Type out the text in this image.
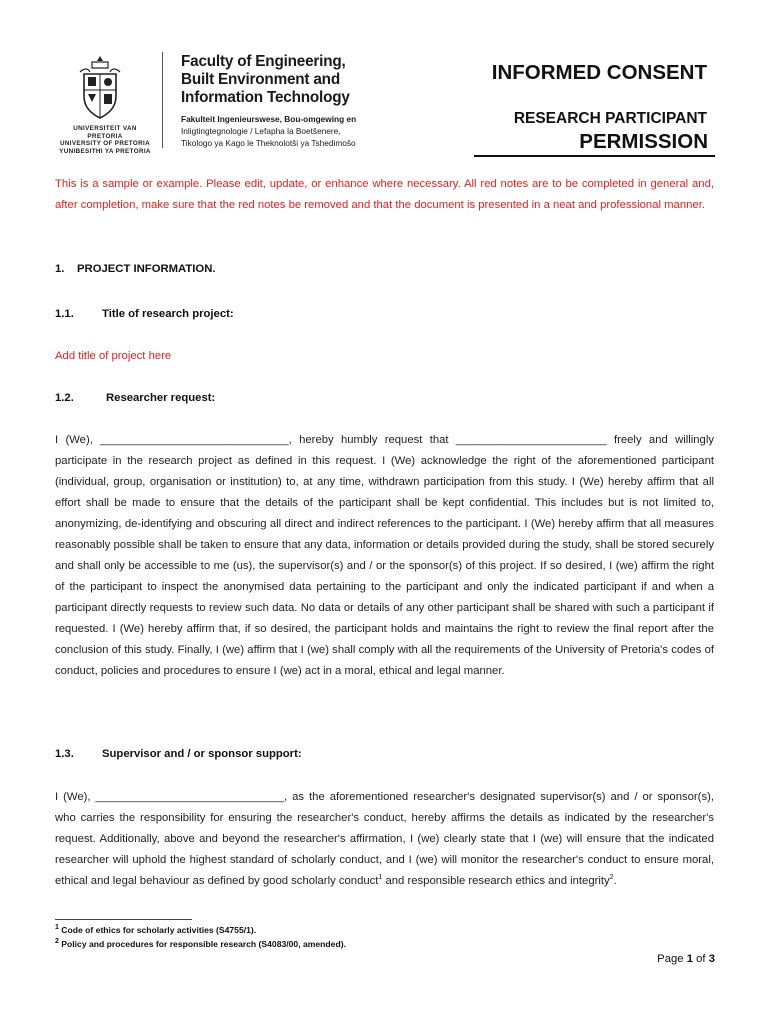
UNIVERSITEIT VAN PRETORIA
UNIVERSITY OF PRETORIA
YUNIBESITHI YA PRETORIA
Faculty of Engineering,
Built Environment and
Information Technology
Fakulteit Ingenieurswese, Bou-omgewing en
Inligtingtegnologie / Lefapha la Boetšenere,
Tikologo ya Kago le Theknolotši ya Tshedimošo
INFORMED CONSENT
RESEARCH PARTICIPANT
PERMISSION
This is a sample or example. Please edit, update, or enhance where necessary. All red notes are to be completed in general and, after completion, make sure that the red notes be removed and that the document is presented in a neat and professional manner.
1. PROJECT INFORMATION.
1.1. Title of research project:
Add title of project here
1.2.	Researcher request:
I (We), ______________________________, hereby humbly request that ________________________ freely and willingly participate in the research project as defined in this request. I (We) acknowledge the right of the aforementioned participant (individual, group, organisation or institution) to, at any time, withdrawn participation from this study. I (We) hereby affirm that all effort shall be made to ensure that the details of the participant shall be kept confidential. This includes but is not limited to, anonymizing, de-identifying and obscuring all direct and indirect references to the participant. I (We) hereby affirm that all measures reasonably possible shall be taken to ensure that any data, information or details provided during the study, shall be stored securely and shall only be accessible to me (us), the supervisor(s) and / or the sponsor(s) of this project. If so desired, I (we) affirm the right of the participant to inspect the anonymised data pertaining to the participant and only the indicated participant if and when a participant directly requests to review such data. No data or details of any other participant shall be shared with such a participant if requested. I (We) hereby affirm that, if so desired, the participant holds and maintains the right to review the final report after the conclusion of this study. Finally, I (we) affirm that I (we) shall comply with all the requirements of the University of Pretoria's codes of conduct, policies and procedures to ensure I (we) act in a moral, ethical and legal manner.
1.3. Supervisor and / or sponsor support:
I (We), ______________________________, as the aforementioned researcher's designated supervisor(s) and / or sponsor(s), who carries the responsibility for ensuring the researcher's conduct, hereby affirms the details as indicated by the researcher's request. Additionally, above and beyond the researcher's affirmation, I (we) clearly state that I (we) will ensure that the indicated researcher will uphold the highest standard of scholarly conduct, and I (we) will monitor the researcher's conduct to ensure moral, ethical and legal behaviour as defined by good scholarly conduct$^1$ and responsible research ethics and integrity$^2$.
$^1$ Code of ethics for scholarly activities (S4755/1).
$^2$ Policy and procedures for responsible research (S4083/00, amended).
Page 1 of 3
